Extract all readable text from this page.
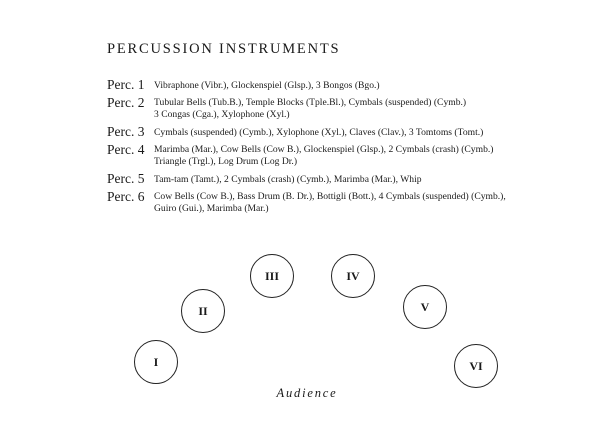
PERCUSSION INSTRUMENTS
Perc. 1 Vibraphone (Vibr.), Glockenspiel (Glsp.), 3 Bongos (Bgo.)
Perc. 2 Tubular Bells (Tub.B.), Temple Blocks (Tple.Bl.), Cymbals (suspended) (Cymb.)
3 Congas (Cga.), Xylophone (Xyl.)
Perc. 3 Cymbals (suspended) (Cymb.), Xylophone (Xyl.), Claves (Clav.), 3 Tomtoms (Tomt.)
Perc. 4 Marimba (Mar.), Cow Bells (Cow B.), Glockenspiel (Glsp.), 2 Cymbals (crash) (Cymb.)
Triangle (Trgl.), Log Drum (Log Dr.)
Perc. 5 Tam-tam (Tamt.), 2 Cymbals (crash) (Cymb.), Marimba (Mar.), Whip
Perc. 6 Cow Bells (Cow B.), Bass Drum (B. Dr.), Bottigli (Bott.), 4 Cymbals (suspended) (Cymb.),
Guiro (Gui.), Marimba (Mar.)
I
II
III	IV
V
VI
Audience
